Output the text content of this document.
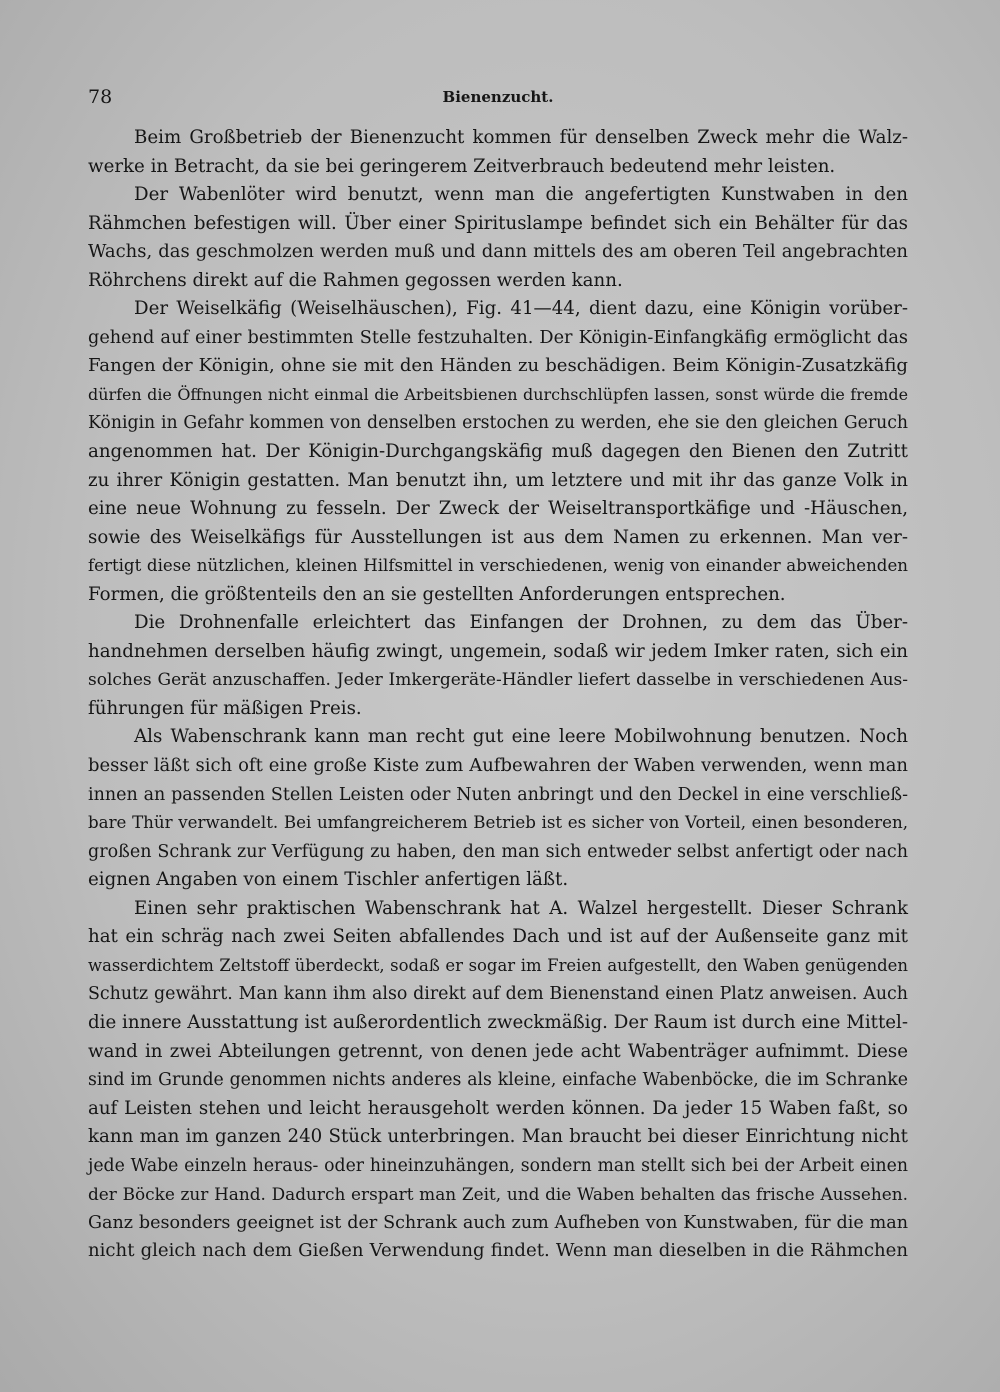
78	Bienenzucht.
Beim Großbetrieb der Bienenzucht kommen für denselben Zweck mehr die Walz-
werke in Betracht, da sie bei geringerem Zeitverbrauch bedeutend mehr leisten.
Der Wabenlöter wird benutzt, wenn man die angefertigten Kunstwaben in den
Rähmchen befestigen will. Über einer Spirituslampe befindet sich ein Behälter für das
Wachs, das geschmolzen werden muß und dann mittels des am oberen Teil angebrachten
Röhrchens direkt auf die Rahmen gegossen werden kann.
Der Weiselkäfig (Weiselhäuschen), Fig. 41—44, dient dazu, eine Königin vorüber-
gehend auf einer bestimmten Stelle festzuhalten. Der Königin-Einfangkäfig ermöglicht das
Fangen der Königin, ohne sie mit den Händen zu beschädigen. Beim Königin-Zusatzkäfig
dürfen die Öffnungen nicht einmal die Arbeitsbienen durchschlüpfen lassen, sonst würde die fremde
Königin in Gefahr kommen von denselben erstochen zu werden, ehe sie den gleichen Geruch
angenommen hat. Der Königin-Durchgangskäfig muß dagegen den Bienen den Zutritt
zu ihrer Königin gestatten. Man benutzt ihn, um letztere und mit ihr das ganze Volk in
eine neue Wohnung zu fesseln. Der Zweck der Weiseltransportkäfige und -Häuschen,
sowie des Weiselkäfigs für Ausstellungen ist aus dem Namen zu erkennen. Man ver-
fertigt diese nützlichen, kleinen Hilfsmittel in verschiedenen, wenig von einander abweichenden
Formen, die größtenteils den an sie gestellten Anforderungen entsprechen.
Die Drohnenfalle erleichtert das Einfangen der Drohnen, zu dem das Über-
handnehmen derselben häufig zwingt, ungemein, sodaß wir jedem Imker raten, sich ein
solches Gerät anzuschaffen. Jeder Imkergeräte-Händler liefert dasselbe in verschiedenen Aus-
führungen für mäßigen Preis.
Als Wabenschrank kann man recht gut eine leere Mobilwohnung benutzen. Noch
besser läßt sich oft eine große Kiste zum Aufbewahren der Waben verwenden, wenn man
innen an passenden Stellen Leisten oder Nuten anbringt und den Deckel in eine verschließ-
bare Thür verwandelt. Bei umfangreicherem Betrieb ist es sicher von Vorteil, einen besonderen,
großen Schrank zur Verfügung zu haben, den man sich entweder selbst anfertigt oder nach
eignen Angaben von einem Tischler anfertigen läßt.
Einen sehr praktischen Wabenschrank hat A. Walzel hergestellt. Dieser Schrank
hat ein schräg nach zwei Seiten abfallendes Dach und ist auf der Außenseite ganz mit
wasserdichtem Zeltstoff überdeckt, sodaß er sogar im Freien aufgestellt, den Waben genügenden
Schutz gewährt. Man kann ihm also direkt auf dem Bienenstand einen Platz anweisen. Auch
die innere Ausstattung ist außerordentlich zweckmäßig. Der Raum ist durch eine Mittel-
wand in zwei Abteilungen getrennt, von denen jede acht Wabenträger aufnimmt. Diese
sind im Grunde genommen nichts anderes als kleine, einfache Wabenböcke, die im Schranke
auf Leisten stehen und leicht herausgeholt werden können. Da jeder 15 Waben faßt, so
kann man im ganzen 240 Stück unterbringen. Man braucht bei dieser Einrichtung nicht
jede Wabe einzeln heraus- oder hineinzuhängen, sondern man stellt sich bei der Arbeit einen
der Böcke zur Hand. Dadurch erspart man Zeit, und die Waben behalten das frische Aussehen.
Ganz besonders geeignet ist der Schrank auch zum Aufheben von Kunstwaben, für die man
nicht gleich nach dem Gießen Verwendung findet. Wenn man dieselben in die Rähmchen
